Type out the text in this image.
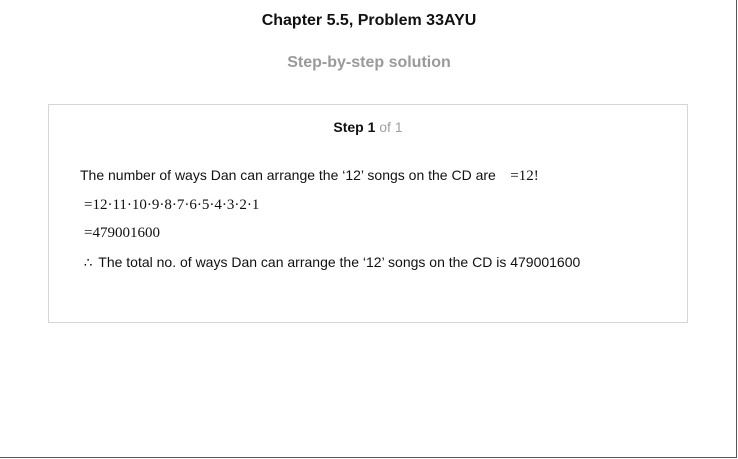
Chapter 5.5, Problem 33AYU
Step-by-step solution
Step 1 of 1
The number of ways Dan can arrange the ‘12’ songs on the CD are =12!
=12·11·10·9·8·7·6·5·4·3·2·1
=479001600
∴ The total no. of ways Dan can arrange the ‘12’ songs on the CD is 479001600
